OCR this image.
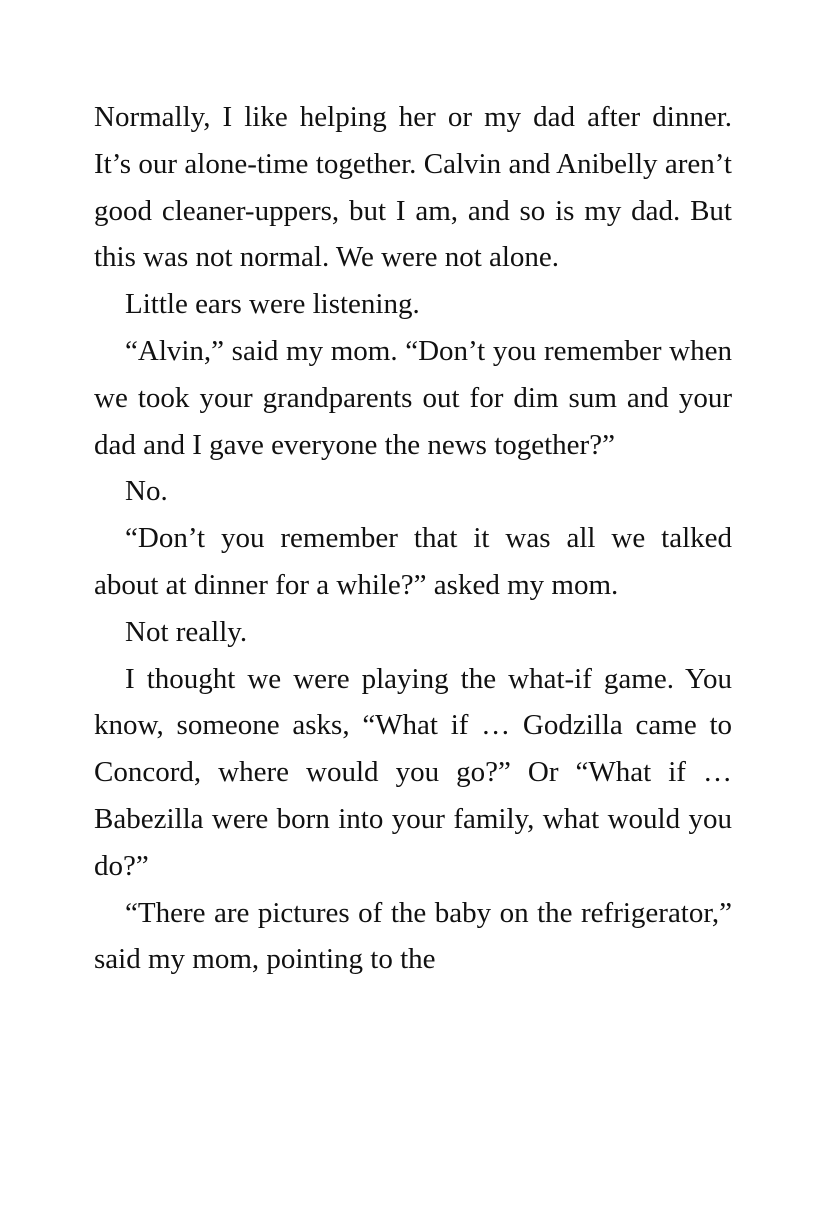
Normally, I like helping her or my dad after dinner. It’s our alone-time together. Calvin and Anibelly aren’t good cleaner-uppers, but I am, and so is my dad. But this was not normal. We were not alone.

Little ears were listening.

“Alvin,” said my mom. “Don’t you remember when we took your grandparents out for dim sum and your dad and I gave everyone the news together?”

No.

“Don’t you remember that it was all we talked about at dinner for a while?” asked my mom.

Not really.

I thought we were playing the what-if game. You know, someone asks, “What if … Godzilla came to Concord, where would you go?” Or “What if … Babezilla were born into your family, what would you do?”

“There are pictures of the baby on the refrigerator,” said my mom, pointing to the
